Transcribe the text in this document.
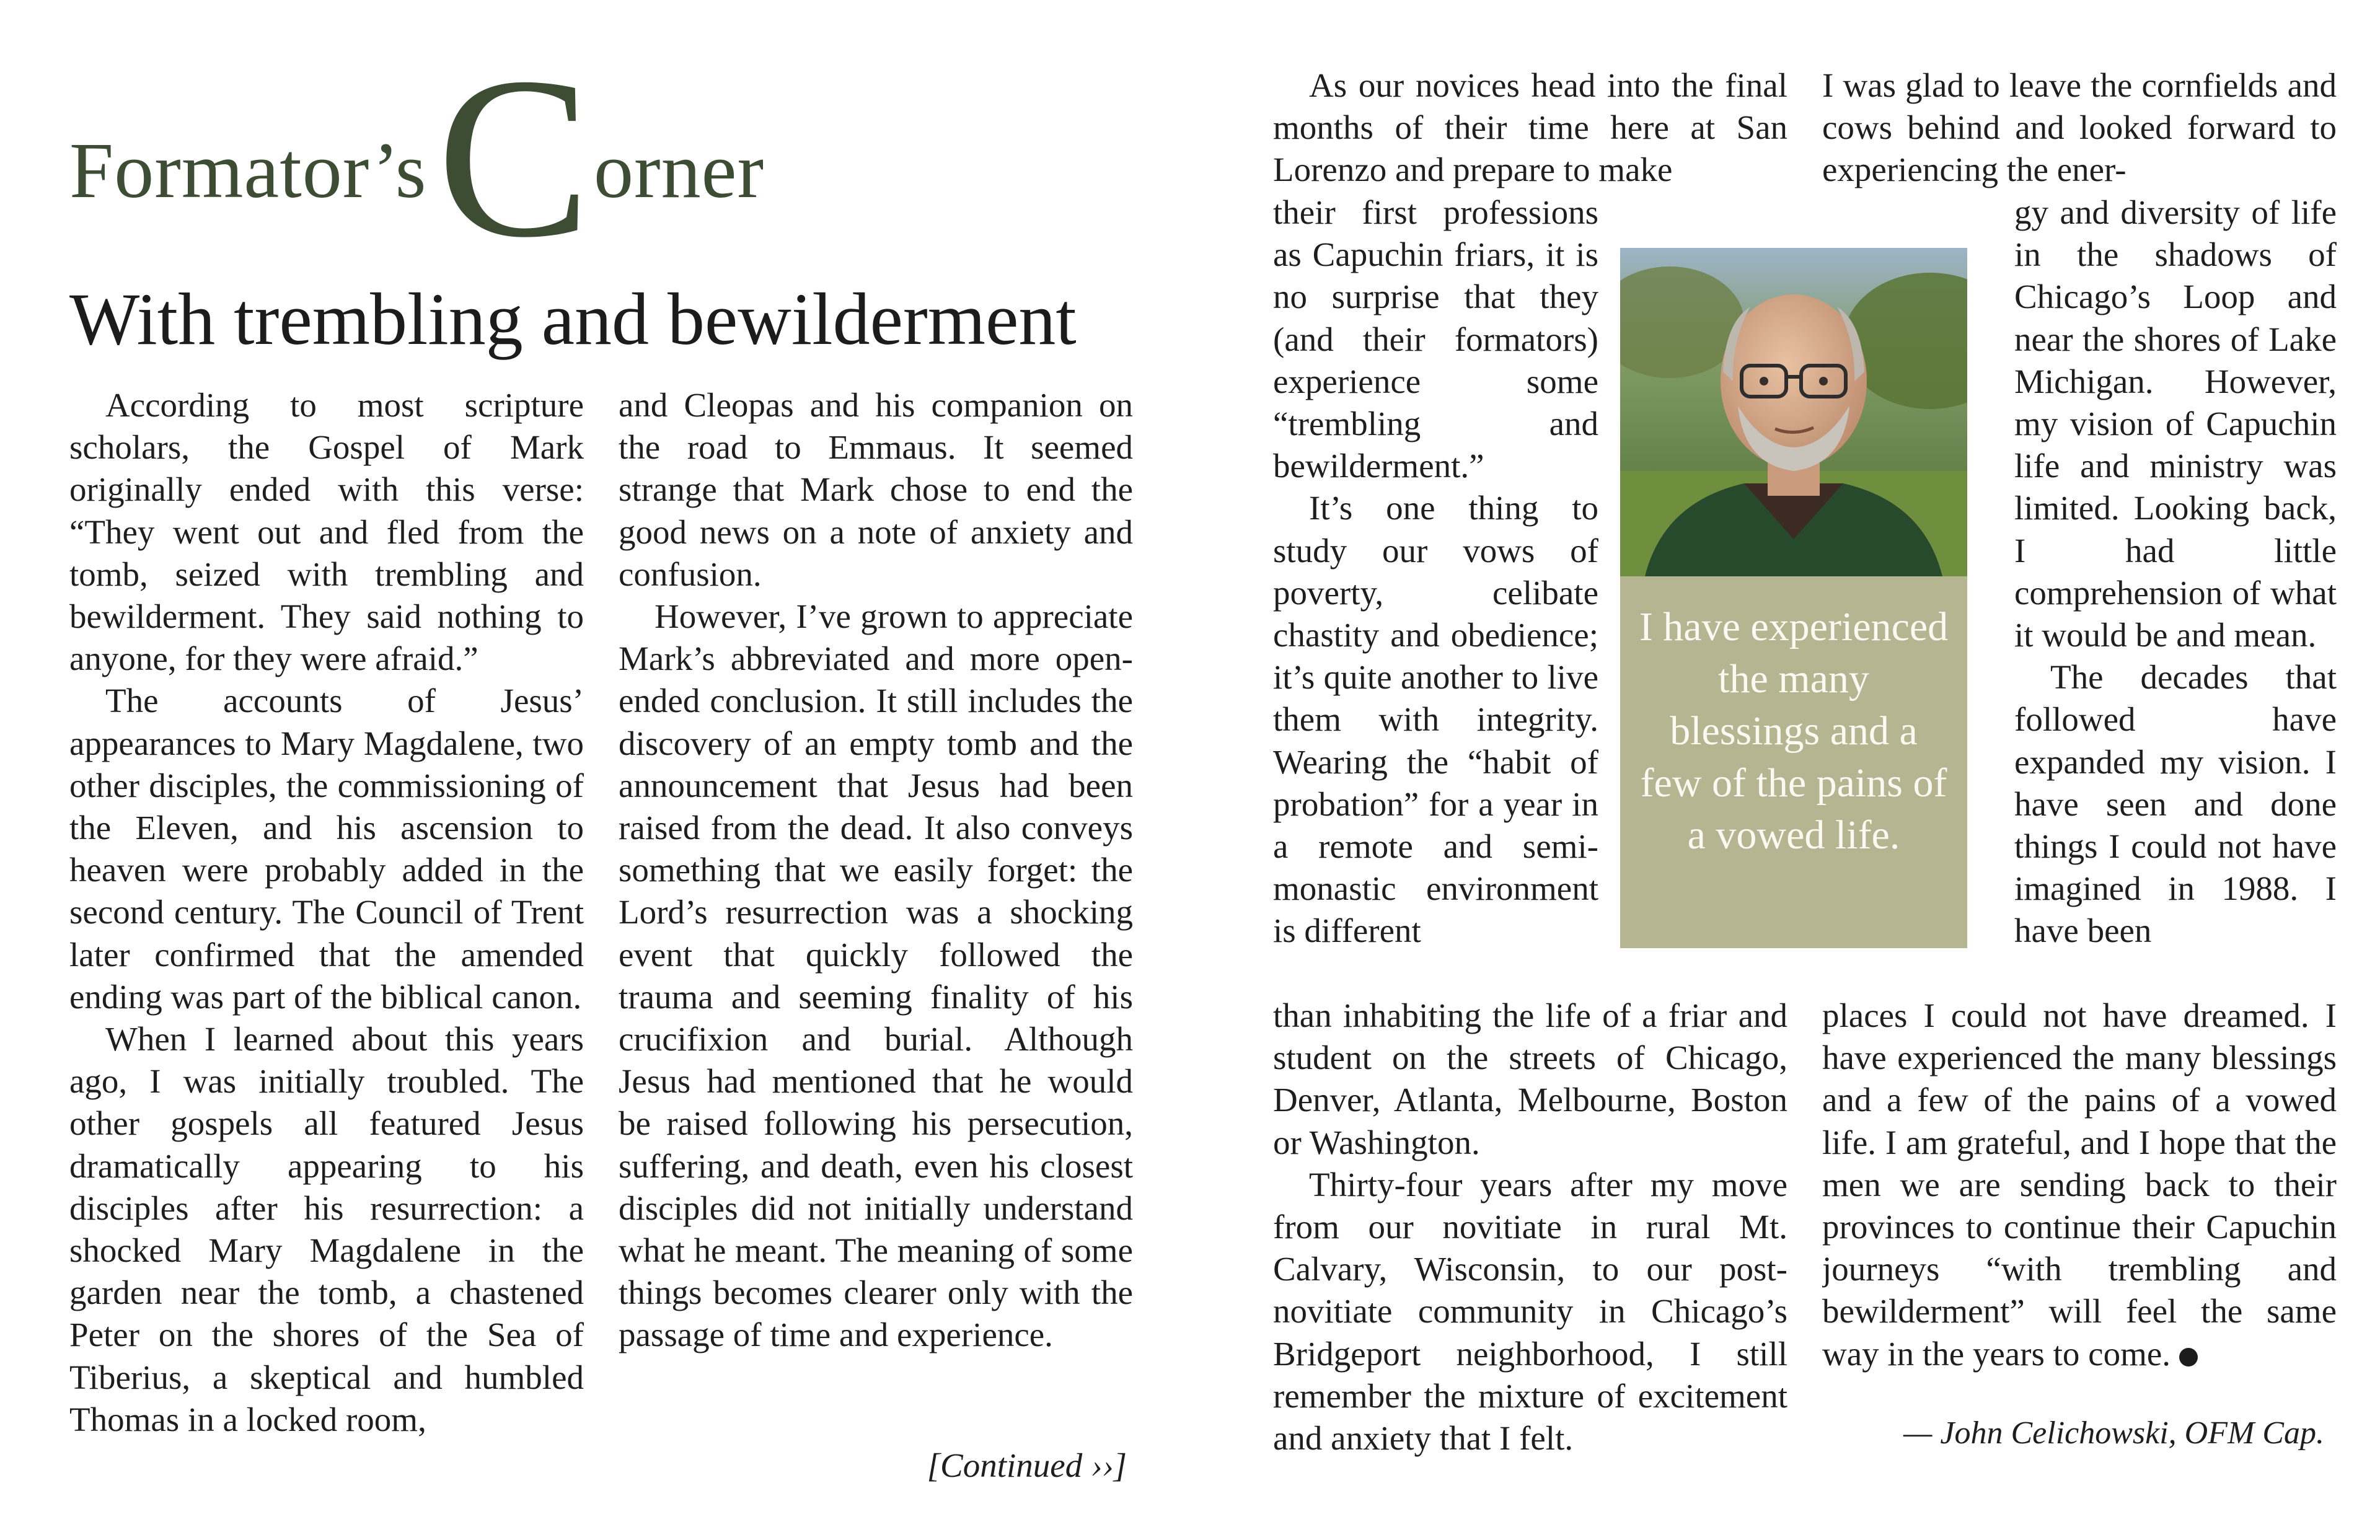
Formator’s C orner
With trembling and bewilderment

According to most scripture scholars, the Gospel of Mark originally ended with this verse: “They went out and fled from the tomb, seized with trembling and bewilderment. They said nothing to anyone, for they were afraid.”

The accounts of Jesus’ appearances to Mary Magdalene, two other disciples, the commissioning of the Eleven, and his ascension to heaven were probably added in the second century. The Council of Trent later confirmed that the amended ending was part of the biblical canon.

When I learned about this years ago, I was initially troubled. The other gospels all featured Jesus dramatically appearing to his disciples after his resurrection: a shocked Mary Magdalene in the garden near the tomb, a chastened Peter on the shores of the Sea of Tiberius, a skeptical and humbled Thomas in a locked room,

and Cleopas and his companion on the road to Emmaus. It seemed strange that Mark chose to end the good news on a note of anxiety and confusion.

However, I’ve grown to appreciate Mark’s abbreviated and more open-ended conclusion. It still includes the discovery of an empty tomb and the announcement that Jesus had been raised from the dead. It also conveys something that we easily forget: the Lord’s resurrection was a shocking event that quickly followed the trauma and seeming finality of his crucifixion and burial. Although Jesus had mentioned that he would be raised following his persecution, suffering, and death, even his closest disciples did not initially understand what he meant. The meaning of some things becomes clearer only with the passage of time and experience.

[Continued ››]

As our novices head into the final months of their time here at San Lorenzo and prepare to make

their first professions as Capuchin friars, it is no surprise that they (and their formators) experience some “trembling and bewilderment.”

It’s one thing to study our vows of poverty, celibate chastity and obedience; it’s quite another to live them with integrity. Wearing the “habit of probation” for a year in a remote and semi-monastic environment is different

than inhabiting the life of a friar and student on the streets of Chicago, Denver, Atlanta, Melbourne, Boston or Washington.

Thirty-four years after my move from our novitiate in rural Mt. Calvary, Wisconsin, to our post-novitiate community in Chicago’s Bridgeport neighborhood, I still remember the mixture of excitement and anxiety that I felt.

I was glad to leave the cornfields and cows behind and looked forward to experiencing the ener-

gy and diversity of life in the shadows of Chicago’s Loop and near the shores of Lake Michigan. However, my vision of Capuchin life and ministry was limited. Looking back, I had little comprehension of what it would be and mean.

The decades that followed have expanded my vision. I have seen and done things I could not have imagined in 1988. I have been

places I could not have dreamed. I have experienced the many blessings and a few of the pains of a vowed life. I am grateful, and I hope that the men we are sending back to their provinces to continue their Capuchin journeys “with trembling and bewilderment” will feel the same way in the years to come.

— John Celichowski, OFM Cap.
I have experienced the many blessings and a few of the pains of a vowed life.
